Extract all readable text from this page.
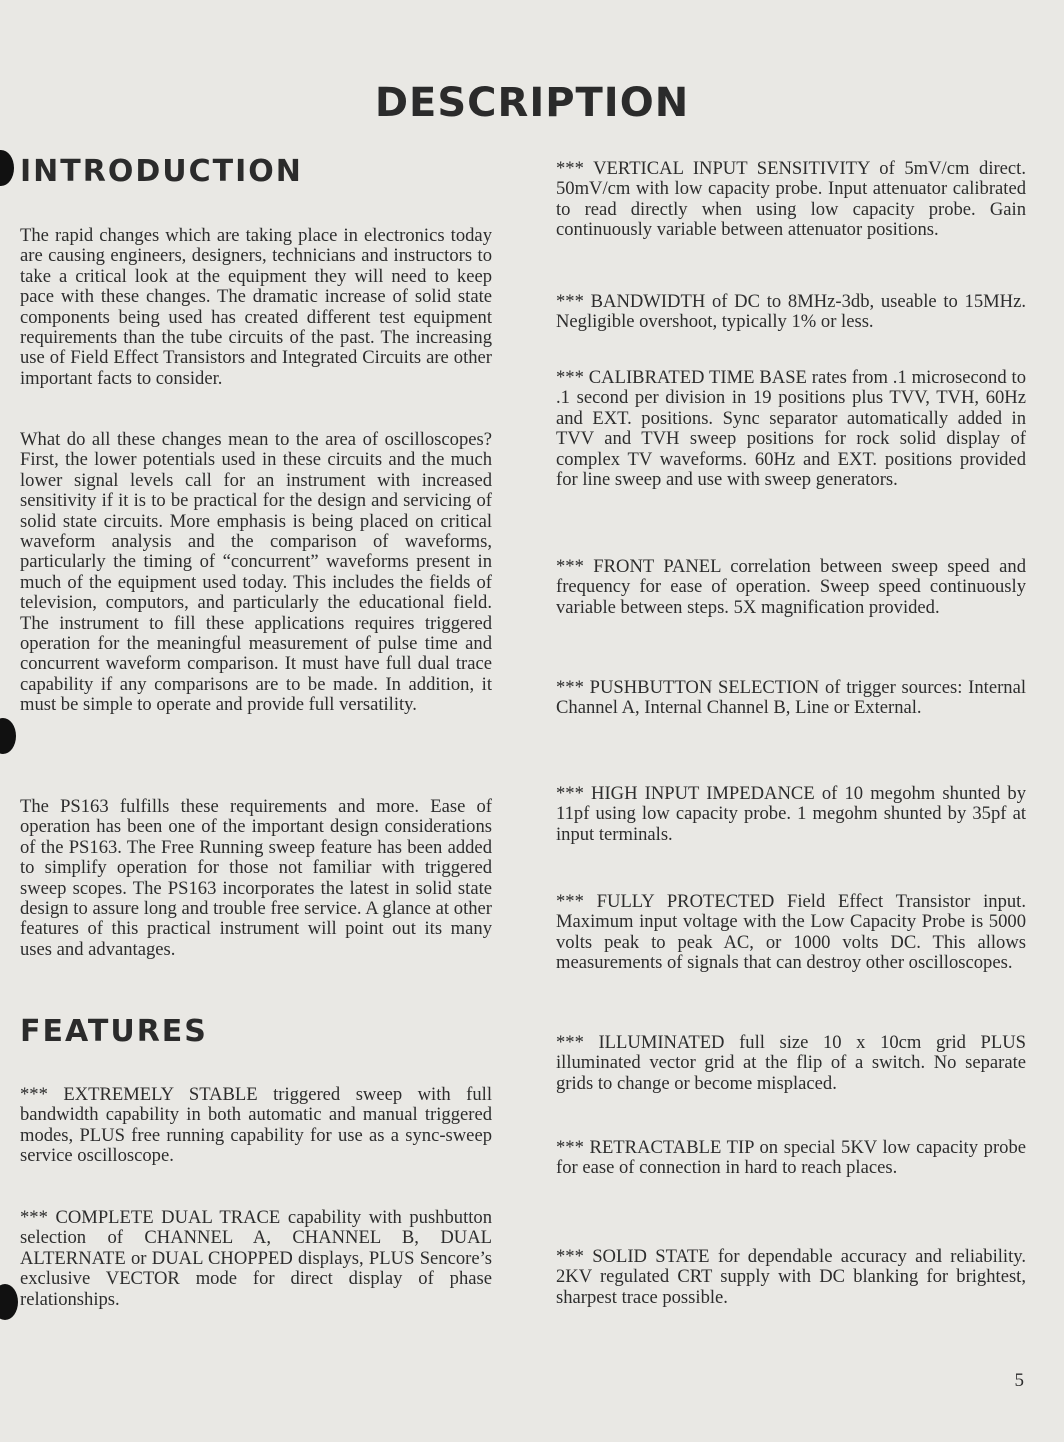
DESCRIPTION
INTRODUCTION

The rapid changes which are taking place in electronics today are causing engineers, designers, technicians and instructors to take a critical look at the equipment they will need to keep pace with these changes. The dramatic increase of solid state components being used has created different test equipment requirements than the tube circuits of the past. The increasing use of Field Effect Transistors and Integrated Circuits are other important facts to consider.

What do all these changes mean to the area of oscilloscopes? First, the lower potentials used in these circuits and the much lower signal levels call for an instrument with increased sensitivity if it is to be practical for the design and servicing of solid state circuits. More emphasis is being placed on critical waveform analysis and the comparison of waveforms, particularly the timing of “concurrent” waveforms present in much of the equipment used today. This includes the fields of television, computors, and particularly the educational field. The instrument to fill these applications requires triggered operation for the meaningful measurement of pulse time and concurrent waveform comparison. It must have full dual trace capability if any comparisons are to be made. In addition, it must be simple to operate and provide full versatility.

The PS163 fulfills these requirements and more. Ease of operation has been one of the important design considerations of the PS163. The Free Running sweep feature has been added to simplify operation for those not familiar with triggered sweep scopes. The PS163 incorporates the latest in solid state design to assure long and trouble free service. A glance at other features of this practical instrument will point out its many uses and advantages.

FEATURES

*** EXTREMELY STABLE triggered sweep with full bandwidth capability in both automatic and manual triggered modes, PLUS free running capability for use as a sync-sweep service oscilloscope.

*** COMPLETE DUAL TRACE capability with pushbutton selection of CHANNEL A, CHANNEL B, DUAL ALTERNATE or DUAL CHOPPED displays, PLUS Sencore’s exclusive VECTOR mode for direct display of phase relationships.

*** VERTICAL INPUT SENSITIVITY of 5mV/cm direct. 50mV/cm with low capacity probe. Input attenuator calibrated to read directly when using low capacity probe. Gain continuously variable between attenuator positions.

*** BANDWIDTH of DC to 8MHz-3db, useable to 15MHz. Negligible overshoot, typically 1% or less.

*** CALIBRATED TIME BASE rates from .1 microsecond to .1 second per division in 19 positions plus TVV, TVH, 60Hz and EXT. positions. Sync separator automatically added in TVV and TVH sweep positions for rock solid display of complex TV waveforms. 60Hz and EXT. positions provided for line sweep and use with sweep generators.

*** FRONT PANEL correlation between sweep speed and frequency for ease of operation. Sweep speed continuously variable between steps. 5X magnification provided.

*** PUSHBUTTON SELECTION of trigger sources: Internal Channel A, Internal Channel B, Line or External.

*** HIGH INPUT IMPEDANCE of 10 megohm shunted by 11pf using low capacity probe. 1 megohm shunted by 35pf at input terminals.

*** FULLY PROTECTED Field Effect Transistor input. Maximum input voltage with the Low Capacity Probe is 5000 volts peak to peak AC, or 1000 volts DC. This allows measurements of signals that can destroy other oscilloscopes.

*** ILLUMINATED full size 10 x 10cm grid PLUS illuminated vector grid at the flip of a switch. No separate grids to change or become misplaced.

*** RETRACTABLE TIP on special 5KV low capacity probe for ease of connection in hard to reach places.

*** SOLID STATE for dependable accuracy and reliability. 2KV regulated CRT supply with DC blanking for brightest, sharpest trace possible.

5
